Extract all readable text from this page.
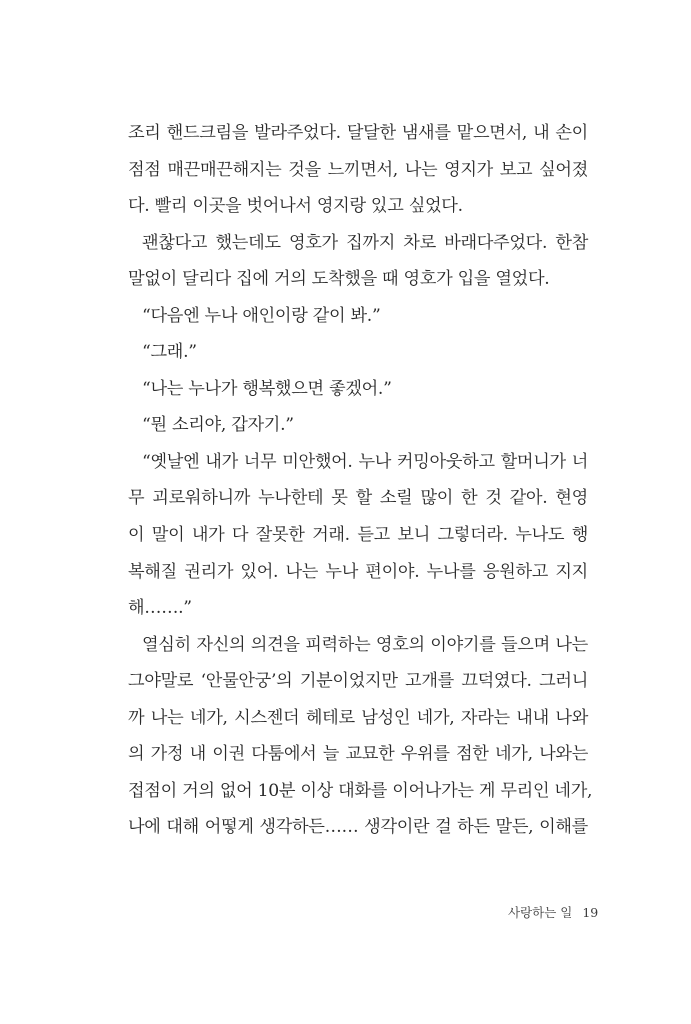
조리 핸드크림을 발라주었다. 달달한 냄새를 맡으면서, 내 손이
점점 매끈매끈해지는 것을 느끼면서, 나는 영지가 보고 싶어졌
다. 빨리 이곳을 벗어나서 영지랑 있고 싶었다.
괜찮다고 했는데도 영호가 집까지 차로 바래다주었다. 한참
말없이 달리다 집에 거의 도착했을 때 영호가 입을 열었다.
“다음엔 누나 애인이랑 같이 봐.”
“그래.”
“나는 누나가 행복했으면 좋겠어.”
“뭔 소리야, 갑자기.”
“옛날엔 내가 너무 미안했어. 누나 커밍아웃하고 할머니가 너
무 괴로워하니까 누나한테 못 할 소릴 많이 한 것 같아. 현영
이 말이 내가 다 잘못한 거래. 듣고 보니 그렇더라. 누나도 행
복해질 권리가 있어. 나는 누나 편이야. 누나를 응원하고 지지
해…….”
열심히 자신의 의견을 피력하는 영호의 이야기를 들으며 나는
그야말로 ‘안물안궁’의 기분이었지만 고개를 끄덕였다. 그러니
까 나는 네가, 시스젠더 헤테로 남성인 네가, 자라는 내내 나와
의 가정 내 이권 다툼에서 늘 교묘한 우위를 점한 네가, 나와는
접점이 거의 없어 10분 이상 대화를 이어나가는 게 무리인 네가,
나에 대해 어떻게 생각하든…… 생각이란 걸 하든 말든, 이해를
사랑하는 일 19
